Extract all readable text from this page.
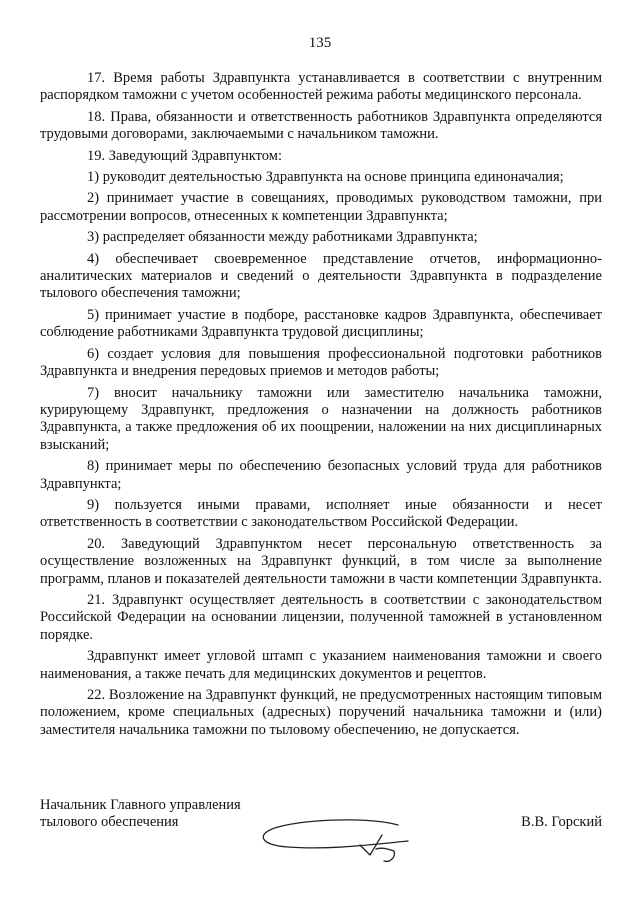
135

17. Время работы Здравпункта устанавливается в соответствии с внутренним распорядком таможни с учетом особенностей режима работы медицинского персонала.

18. Права, обязанности и ответственность работников Здравпункта определяются трудовыми договорами, заключаемыми с начальником таможни.

19. Заведующий Здравпунктом:

1) руководит деятельностью Здравпункта на основе принципа единоначалия;

2) принимает участие в совещаниях, проводимых руководством таможни, при рассмотрении вопросов, отнесенных к компетенции Здравпункта;

3) распределяет обязанности между работниками Здравпункта;

4) обеспечивает своевременное представление отчетов, информационно-аналитических материалов и сведений о деятельности Здравпункта в подразделение тылового обеспечения таможни;

5) принимает участие в подборе, расстановке кадров Здравпункта, обеспечивает соблюдение работниками Здравпункта трудовой дисциплины;

6) создает условия для повышения профессиональной подготовки работников Здравпункта и внедрения передовых приемов и методов работы;

7) вносит начальнику таможни или заместителю начальника таможни, курирующему Здравпункт, предложения о назначении на должность работников Здравпункта, а также предложения об их поощрении, наложении на них дисциплинарных взысканий;

8) принимает меры по обеспечению безопасных условий труда для работников Здравпункта;

9) пользуется иными правами, исполняет иные обязанности и несет ответственность в соответствии с законодательством Российской Федерации.

20. Заведующий Здравпунктом несет персональную ответственность за осуществление возложенных на Здравпункт функций, в том числе за выполнение программ, планов и показателей деятельности таможни в части компетенции Здравпункта.

21. Здравпункт осуществляет деятельность в соответствии с законодательством Российской Федерации на основании лицензии, полученной таможней в установленном порядке.

Здравпункт имеет угловой штамп с указанием наименования таможни и своего наименования, а также печать для медицинских документов и рецептов.

22. Возложение на Здравпункт функций, не предусмотренных настоящим типовым положением, кроме специальных (адресных) поручений начальника таможни и (или) заместителя начальника таможни по тыловому обеспечению, не допускается.

Начальник Главного управления
тылового обеспечения	В.В. Горский
